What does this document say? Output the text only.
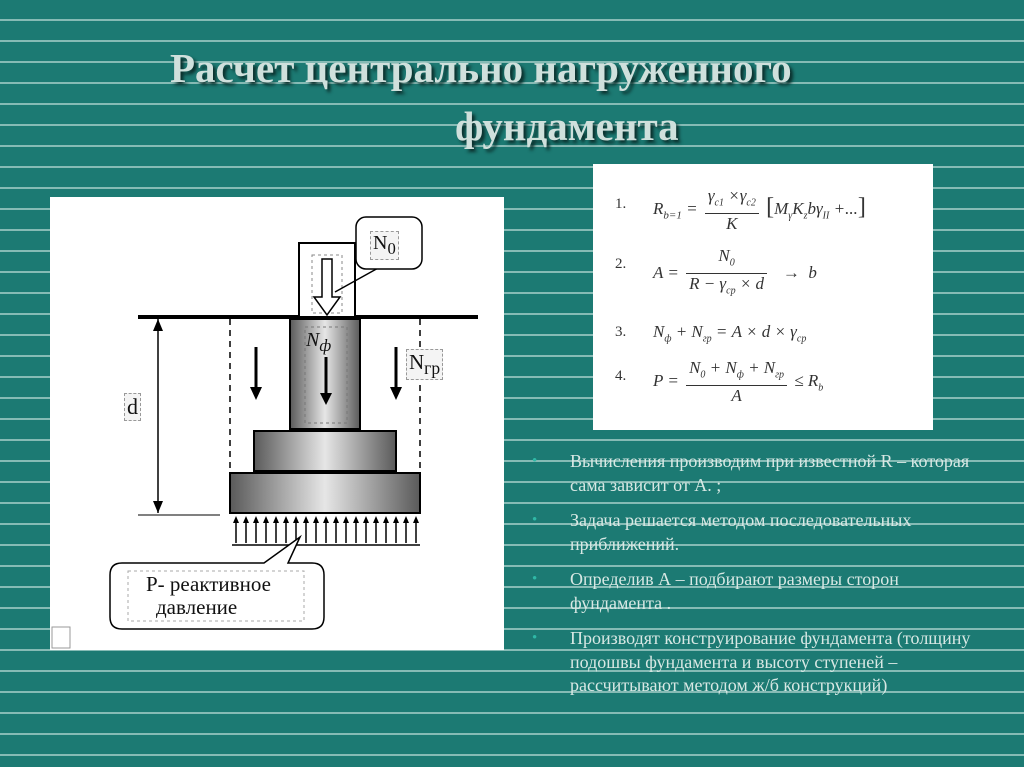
Расчет центрально нагруженного
фундамента
$N_0$
$N_ф$
$N_{гр}$
d
Р- реактивное
давление
1. $R_{b=1} = \frac{\gamma_{c1} \times\gamma_{c2}}{K} [M_\gamma K_zb\gamma_{II}$ +...]
2. $A = \frac{N_0}{R - \gamma_{cp} \times d} \to b$
3. $N_ф + N_{гр} = A \times d \times \gamma_{cp}$
4. $P = \frac{N_0 + N_ф + N_{гр}}{A} \le R_b$
• Вычисления производим при известной R – которая сама зависит от А. ;
• Задача решается методом последовательных приближений.
• Определив А – подбирают размеры сторон фундамента .
• Производят конструирование фундамента (толщину подошвы фундамента и высоту ступеней – рассчитывают методом ж/б конструкций)
